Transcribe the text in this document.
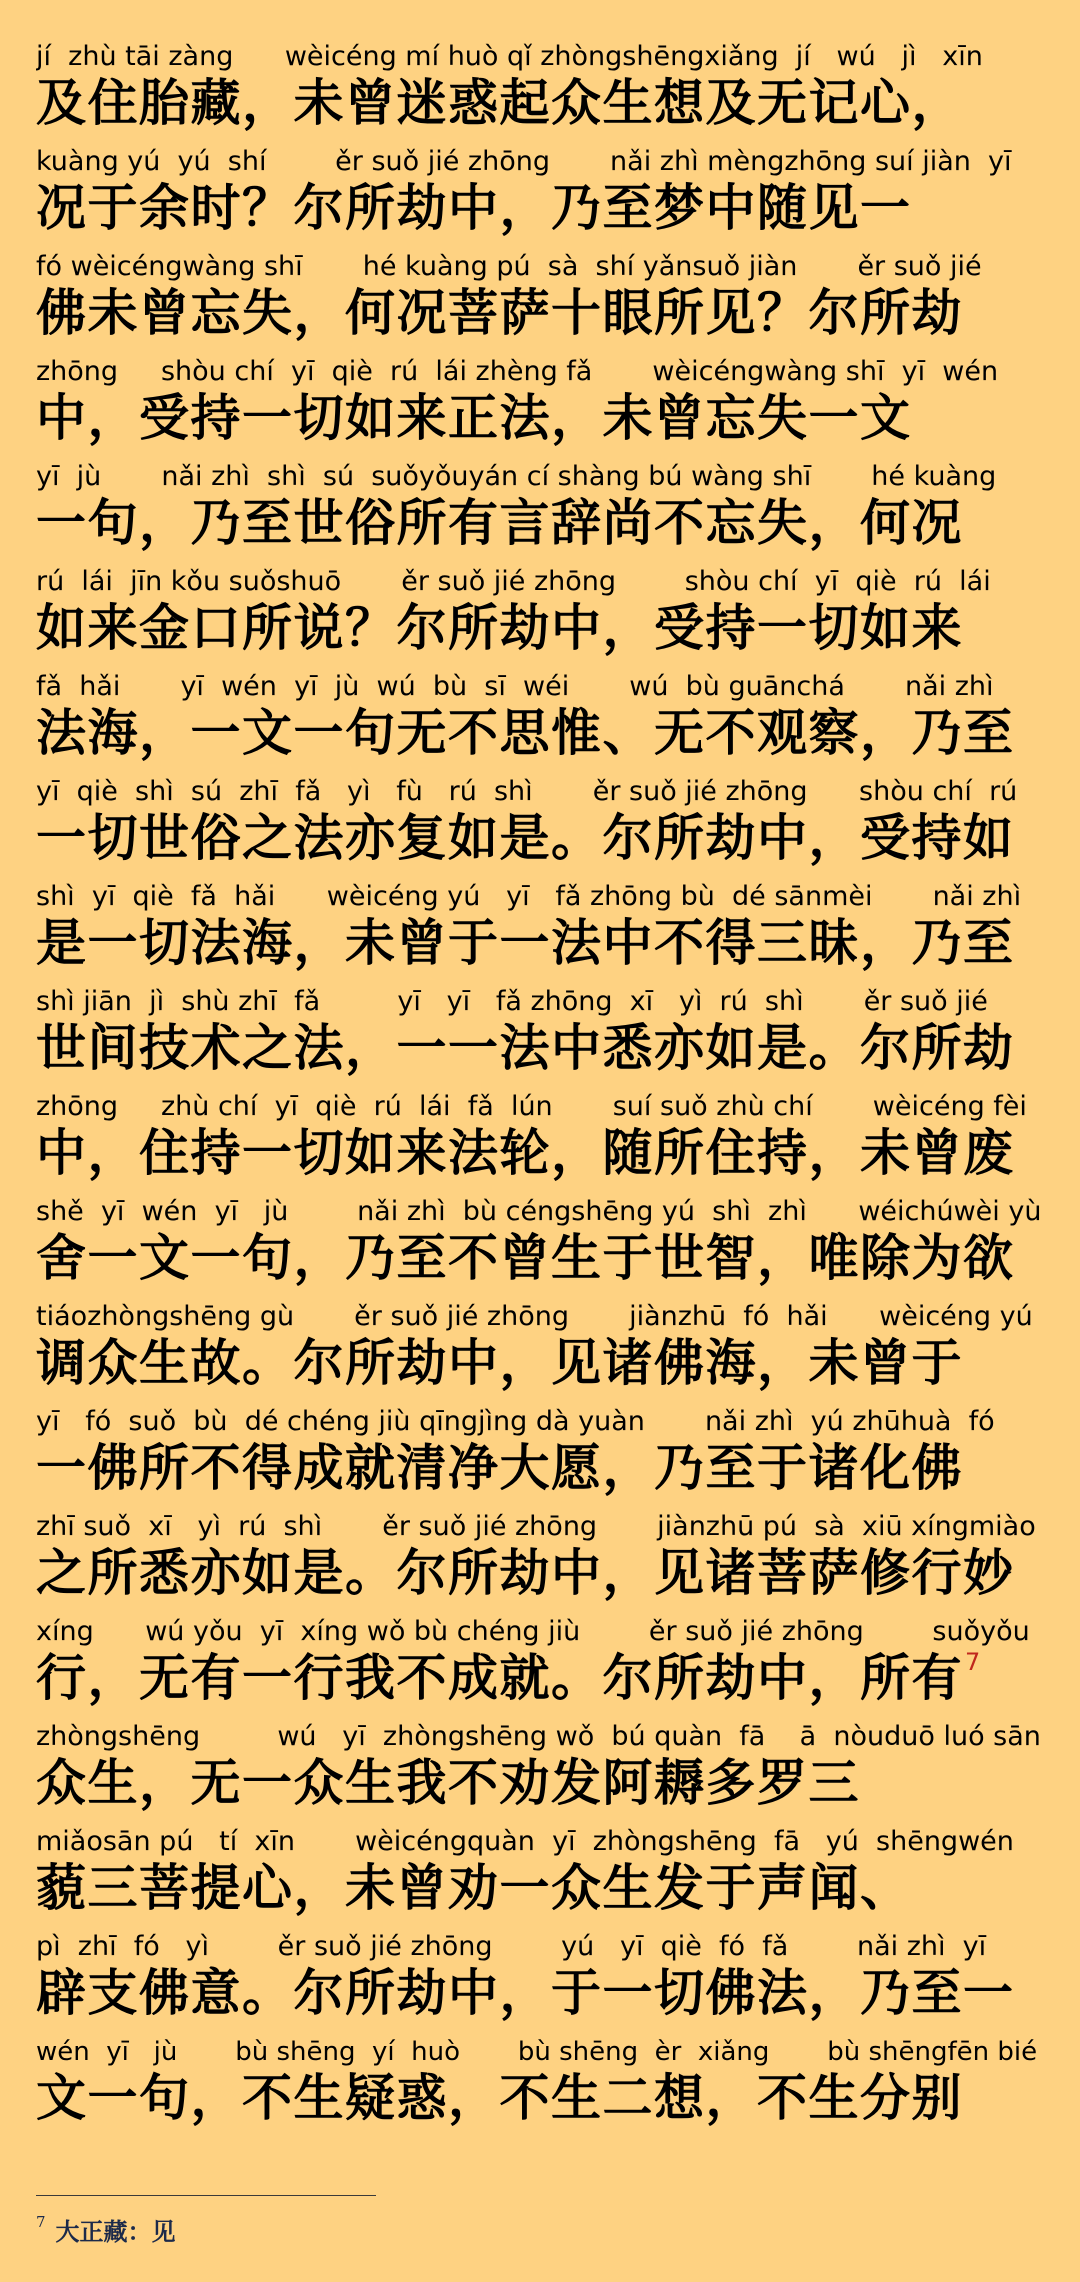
jí  zhù tāi zàng      wèicéng mí huò qǐ zhòngshēngxiǎng  jí   wú   jì   xīn
及住胎藏，未曾迷惑起众生想及无记心，
kuàng yú  yú  shí        ěr suǒ jié zhōng       nǎi zhì mèngzhōng suí jiàn  yī
况于余时？尔所劫中，乃至梦中随见一
fó wèicéngwàng shī       hé kuàng pú  sà  shí yǎnsuǒ jiàn       ěr suǒ jié
佛未曾忘失，何况菩萨十眼所见？尔所劫
zhōng     shòu chí  yī  qiè  rú  lái zhèng fǎ       wèicéngwàng shī  yī  wén
中，受持一切如来正法，未曾忘失一文
yī  jù       nǎi zhì  shì  sú  suǒyǒuyán cí shàng bú wàng shī       hé kuàng
一句，乃至世俗所有言辞尚不忘失，何况
rú  lái  jīn kǒu suǒshuō       ěr suǒ jié zhōng        shòu chí  yī  qiè  rú  lái
如来金口所说？尔所劫中，受持一切如来
fǎ  hǎi       yī  wén  yī  jù  wú  bù  sī  wéi       wú  bù guānchá       nǎi zhì
法海，一文一句无不思惟、无不观察，乃至
yī  qiè  shì  sú  zhī  fǎ   yì   fù   rú  shì       ěr suǒ jié zhōng      shòu chí  rú
一切世俗之法亦复如是。尔所劫中，受持如
shì  yī  qiè  fǎ  hǎi      wèicéng yú   yī   fǎ zhōng bù  dé sānmèi       nǎi zhì
是一切法海，未曾于一法中不得三昧，乃至
shì jiān  jì  shù zhī  fǎ         yī   yī   fǎ zhōng  xī   yì  rú  shì       ěr suǒ jié
世间技术之法，一一法中悉亦如是。尔所劫
zhōng     zhù chí  yī  qiè  rú  lái  fǎ  lún       suí suǒ zhù chí       wèicéng fèi
中，住持一切如来法轮，随所住持，未曾废
shě  yī  wén  yī   jù        nǎi zhì  bù céngshēng yú  shì  zhì      wéichúwèi yù
舍一文一句，乃至不曾生于世智，唯除为欲
tiáozhòngshēng gù       ěr suǒ jié zhōng       jiànzhū  fó  hǎi      wèicéng yú
调众生故。尔所劫中，见诸佛海，未曾于
yī   fó  suǒ  bù  dé chéng jiù qīngjìng dà yuàn       nǎi zhì  yú zhūhuà  fó
一佛所不得成就清净大愿，乃至于诸化佛
zhī suǒ  xī   yì  rú  shì       ěr suǒ jié zhōng       jiànzhū pú  sà  xiū xíngmiào
之所悉亦如是。尔所劫中，见诸菩萨修行妙
xíng      wú yǒu  yī  xíng wǒ bù chéng jiù        ěr suǒ jié zhōng        suǒyǒu
行，无有一行我不成就。尔所劫中，所有$^7$
zhòngshēng         wú   yī  zhòngshēng wǒ  bú quàn  fā    ā  nòuduō luó sān
众生，无一众生我不劝发阿耨多罗三
miǎosān pú   tí  xīn       wèicéngquàn  yī  zhòngshēng  fā   yú  shēngwén
藐三菩提心，未曾劝一众生发于声闻、
pì  zhī  fó   yì        ěr suǒ jié zhōng        yú   yī  qiè  fó  fǎ        nǎi zhì  yī
辟支佛意。尔所劫中，于一切佛法，乃至一
wén  yī   jù       bù shēng  yí  huò       bù shēng  èr  xiǎng       bù shēngfēn bié
文一句，不生疑惑，不生二想，不生分别
$^7$ 大正藏：见
